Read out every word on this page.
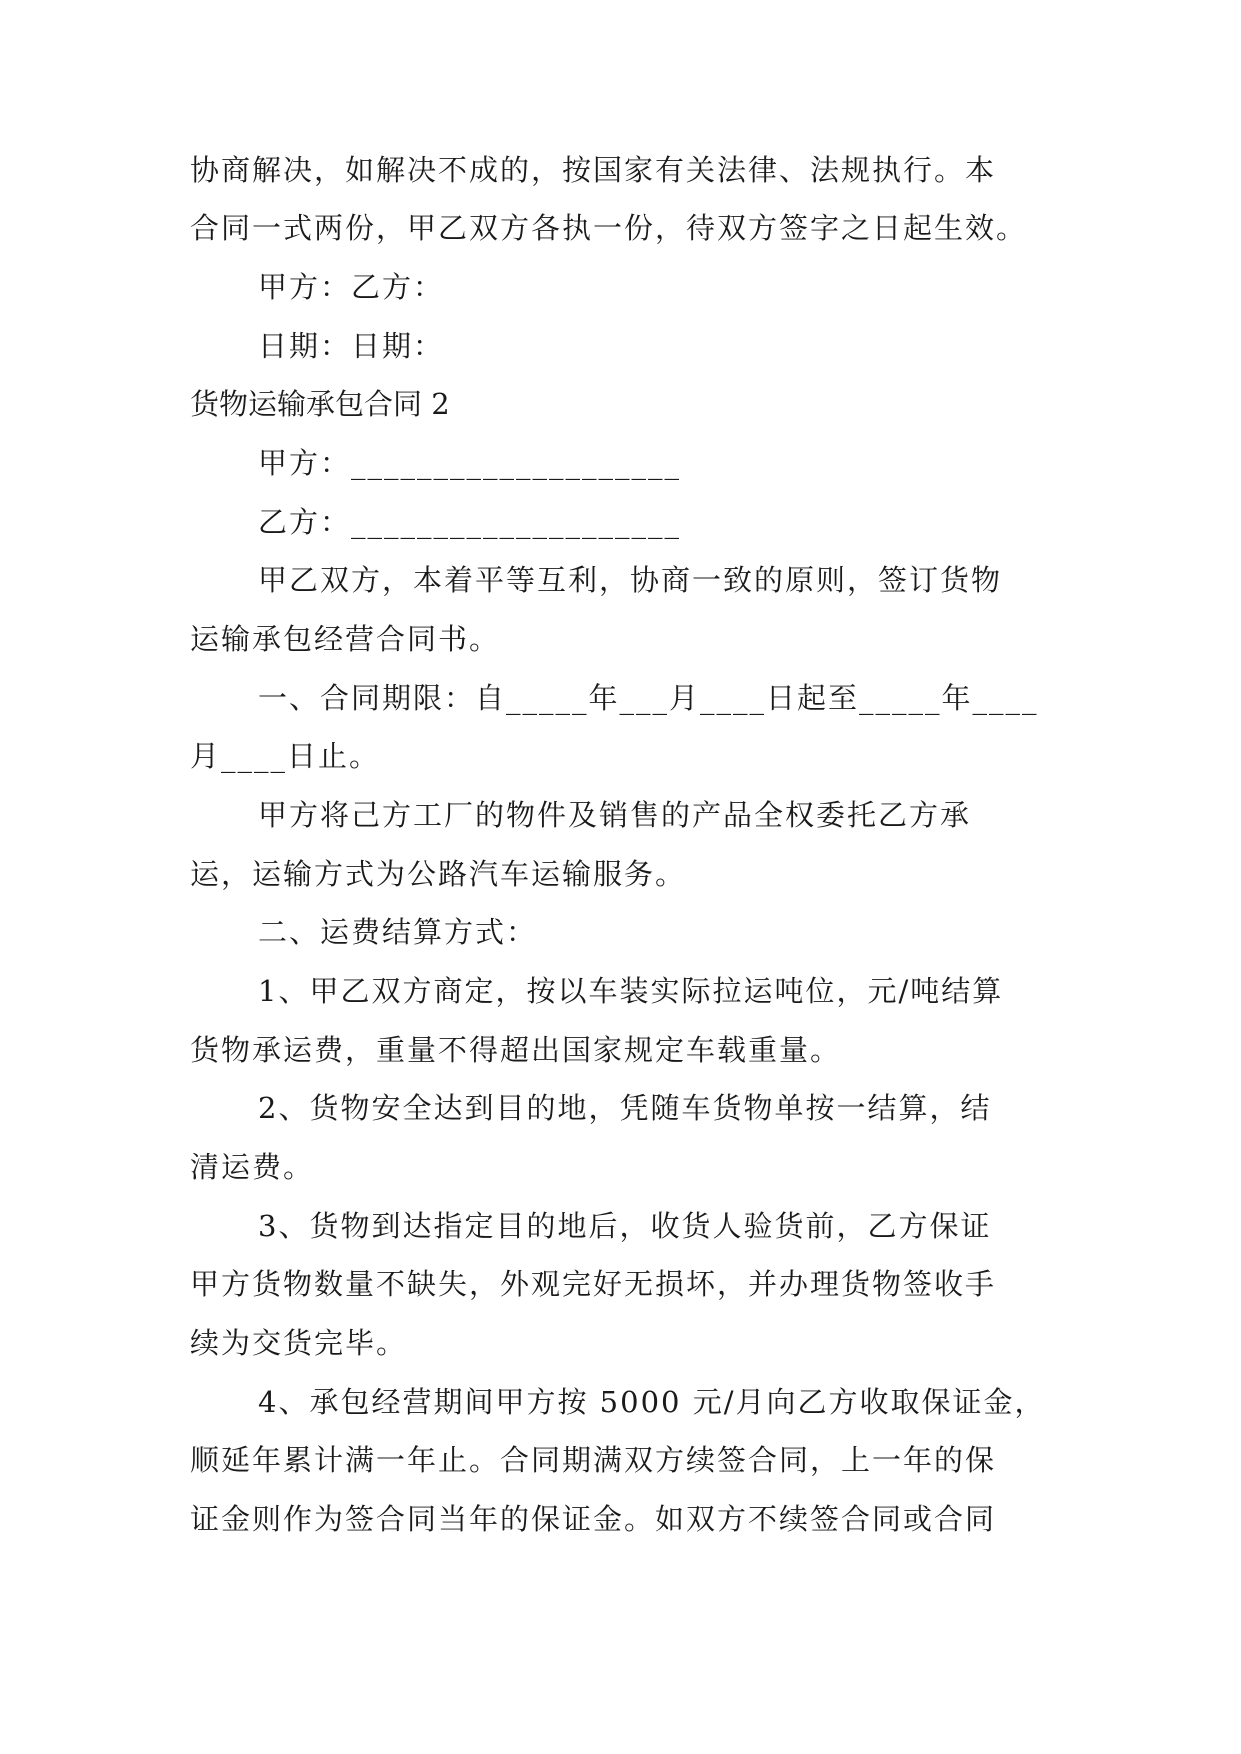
协商解决，如解决不成的，按国家有关法律、法规执行。本
合同一式两份，甲乙双方各执一份，待双方签字之日起生效。
甲方：乙方：
日期：日期：
货物运输承包合同 2
甲方：____________________
乙方：____________________
甲乙双方，本着平等互利，协商一致的原则，签订货物
运输承包经营合同书。
一、合同期限：自_____年___月____日起至_____年____
月____日止。
甲方将己方工厂的物件及销售的产品全权委托乙方承
运，运输方式为公路汽车运输服务。
二、运费结算方式：
1、甲乙双方商定，按以车装实际拉运吨位，元/吨结算
货物承运费，重量不得超出国家规定车载重量。
2、货物安全达到目的地，凭随车货物单按一结算，结
清运费。
3、货物到达指定目的地后，收货人验货前，乙方保证
甲方货物数量不缺失，外观完好无损坏，并办理货物签收手
续为交货完毕。
4、承包经营期间甲方按 5000 元/月向乙方收取保证金，
顺延年累计满一年止。合同期满双方续签合同，上一年的保
证金则作为签合同当年的保证金。如双方不续签合同或合同
